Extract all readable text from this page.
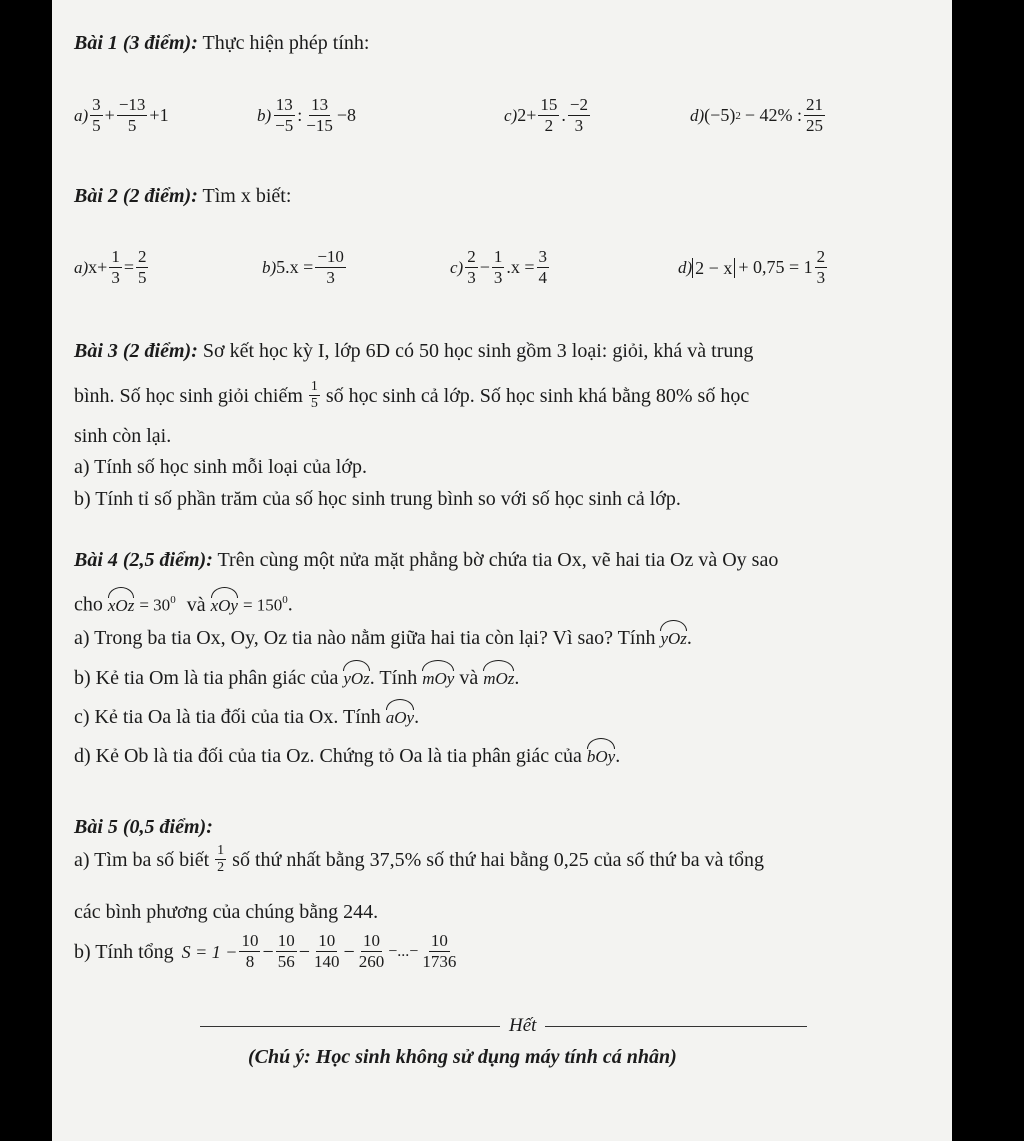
Bài 1 (3 điểm): Thực hiện phép tính:
$a) \frac{3}{5} + \frac{-13}{5} +1$	$b) \frac{13}{-5}$ : $\frac{13}{-15} -8$	c) $2+ \frac{15}{2}$ . $\frac{-2}{3}$	d) (−5) 2 − 42% : $\frac{21}{25}$
Bài 2 (2 điểm): Tìm x biết:
a) $x+ \frac{1}{3} = \frac{2}{5}$	b) $5.x = \frac{-10}{3}$	$c) \frac{2}{3} - \frac{1}{3} .x = \frac{3}{4}$	d) $2 - x + 0,75 = 1 \frac{2}{3}$
Bài 3 (2 điểm): Sơ kết học kỳ I, lớp 6D có 50 học sinh gồm 3 loại: giỏi, khá và trung
bình. Số học sinh giỏi chiếm $\frac{1}{5}$ số học sinh cả lớp. Số học sinh khá bằng 80% số học
sinh còn lại.
a) Tính số học sinh mỗi loại của lớp.
b) Tính tỉ số phần trăm của số học sinh trung bình so với số học sinh cả lớp.
Bài 4 (2,5 điểm): Trên cùng một nửa mặt phẳng bờ chứa tia Ox, vẽ hai tia Oz và Oy sao
cho xOz = $30^0$ và xOy = $150^0$.
a) Trong ba tia Ox, Oy, Oz tia nào nằm giữa hai tia còn lại? Vì sao? Tính yOz.
b) Kẻ tia Om là tia phân giác của yOz. Tính mOy và mOz.
c) Kẻ tia Oa là tia đối của tia Ox. Tính aOy.
d) Kẻ Ob là tia đối của tia Oz. Chứng tỏ Oa là tia phân giác của bOy.
Bài 5 (0,5 điểm):
a) Tìm ba số biết $\frac{1}{2}$ số thứ nhất bằng 37,5% số thứ hai bằng 0,25 của số thứ ba và tổng
các bình phương của chúng bằng 244.
b) Tính tổng $S = 1 - \frac{10}{8} - \frac{10}{56} - \frac{10}{140} - \frac{10}{260}$ −...− $\frac{10}{1736}$
Hết
(Chú ý: Học sinh không sử dụng máy tính cá nhân)
